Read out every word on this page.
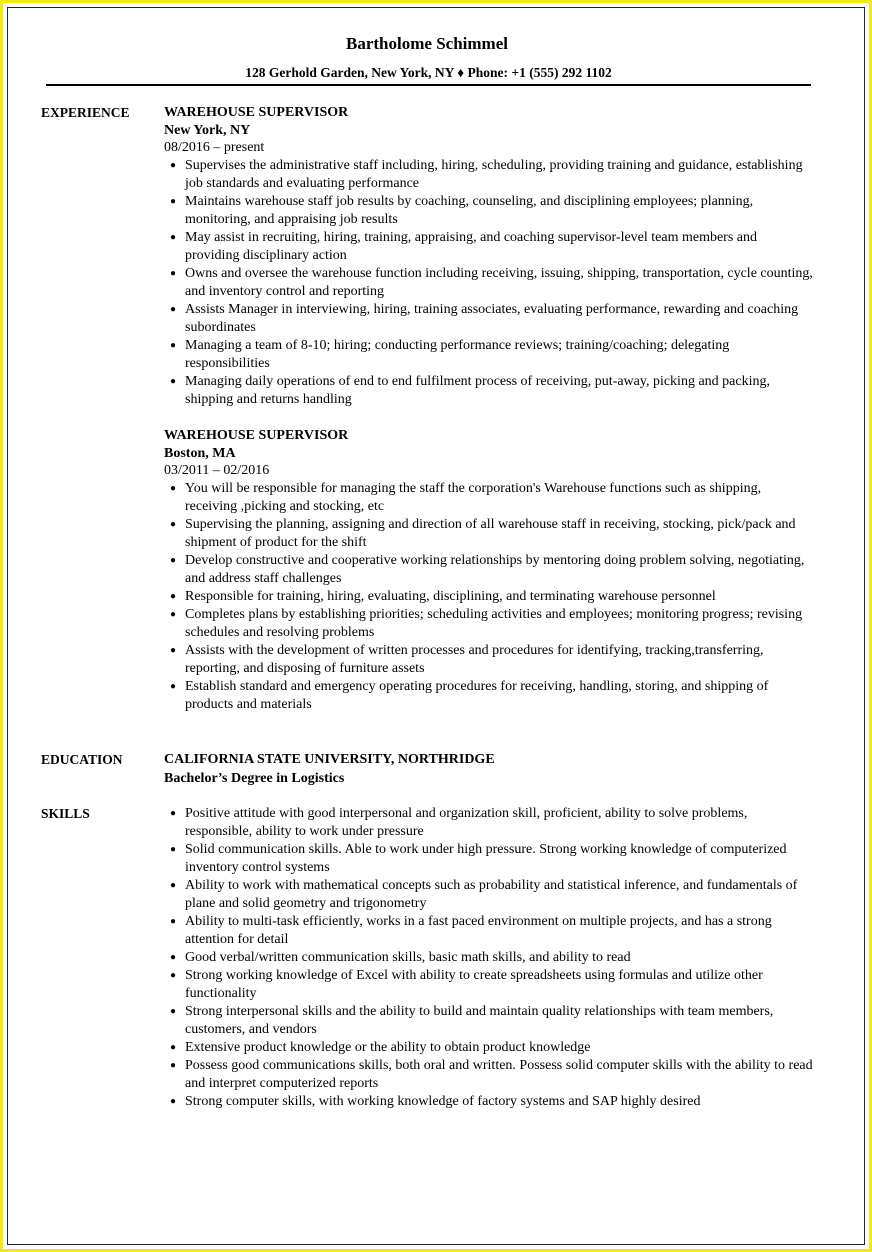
Bartholome Schimmel
128 Gerhold Garden, New York, NY ♦ Phone: +1 (555) 292 1102
EXPERIENCE	WAREHOUSE SUPERVISOR
New York, NY
08/2016 – present
● Supervises the administrative staff including, hiring, scheduling, providing training and guidance, establishing job standards and evaluating performance
● Maintains warehouse staff job results by coaching, counseling, and disciplining employees; planning, monitoring, and appraising job results
● May assist in recruiting, hiring, training, appraising, and coaching supervisor-level team members and providing disciplinary action
● Owns and oversee the warehouse function including receiving, issuing, shipping, transportation, cycle counting, and inventory control and reporting
● Assists Manager in interviewing, hiring, training associates, evaluating performance, rewarding and coaching subordinates
● Managing a team of 8-10; hiring; conducting performance reviews; training/coaching; delegating responsibilities
● Managing daily operations of end to end fulfilment process of receiving, put-away, picking and packing, shipping and returns handling
WAREHOUSE SUPERVISOR
Boston, MA
03/2011 – 02/2016
● You will be responsible for managing the staff the corporation's Warehouse functions such as shipping, receiving ,picking and stocking, etc
● Supervising the planning, assigning and direction of all warehouse staff in receiving, stocking, pick/pack and shipment of product for the shift
● Develop constructive and cooperative working relationships by mentoring doing problem solving, negotiating, and address staff challenges
● Responsible for training, hiring, evaluating, disciplining, and terminating warehouse personnel
● Completes plans by establishing priorities; scheduling activities and employees; monitoring progress; revising schedules and resolving problems
● Assists with the development of written processes and procedures for identifying, tracking,transferring, reporting, and disposing of furniture assets
● Establish standard and emergency operating procedures for receiving, handling, storing, and shipping of products and materials
EDUCATION	CALIFORNIA STATE UNIVERSITY, NORTHRIDGE
Bachelor’s Degree in Logistics
SKILLS	● Positive attitude with good interpersonal and organization skill, proficient, ability to solve problems, responsible, ability to work under pressure
● Solid communication skills. Able to work under high pressure. Strong working knowledge of computerized inventory control systems
● Ability to work with mathematical concepts such as probability and statistical inference, and fundamentals of plane and solid geometry and trigonometry
● Ability to multi-task efficiently, works in a fast paced environment on multiple projects, and has a strong attention for detail
● Good verbal/written communication skills, basic math skills, and ability to read
● Strong working knowledge of Excel with ability to create spreadsheets using formulas and utilize other functionality
● Strong interpersonal skills and the ability to build and maintain quality relationships with team members, customers, and vendors
● Extensive product knowledge or the ability to obtain product knowledge
● Possess good communications skills, both oral and written. Possess solid computer skills with the ability to read and interpret computerized reports
● Strong computer skills, with working knowledge of factory systems and SAP highly desired
